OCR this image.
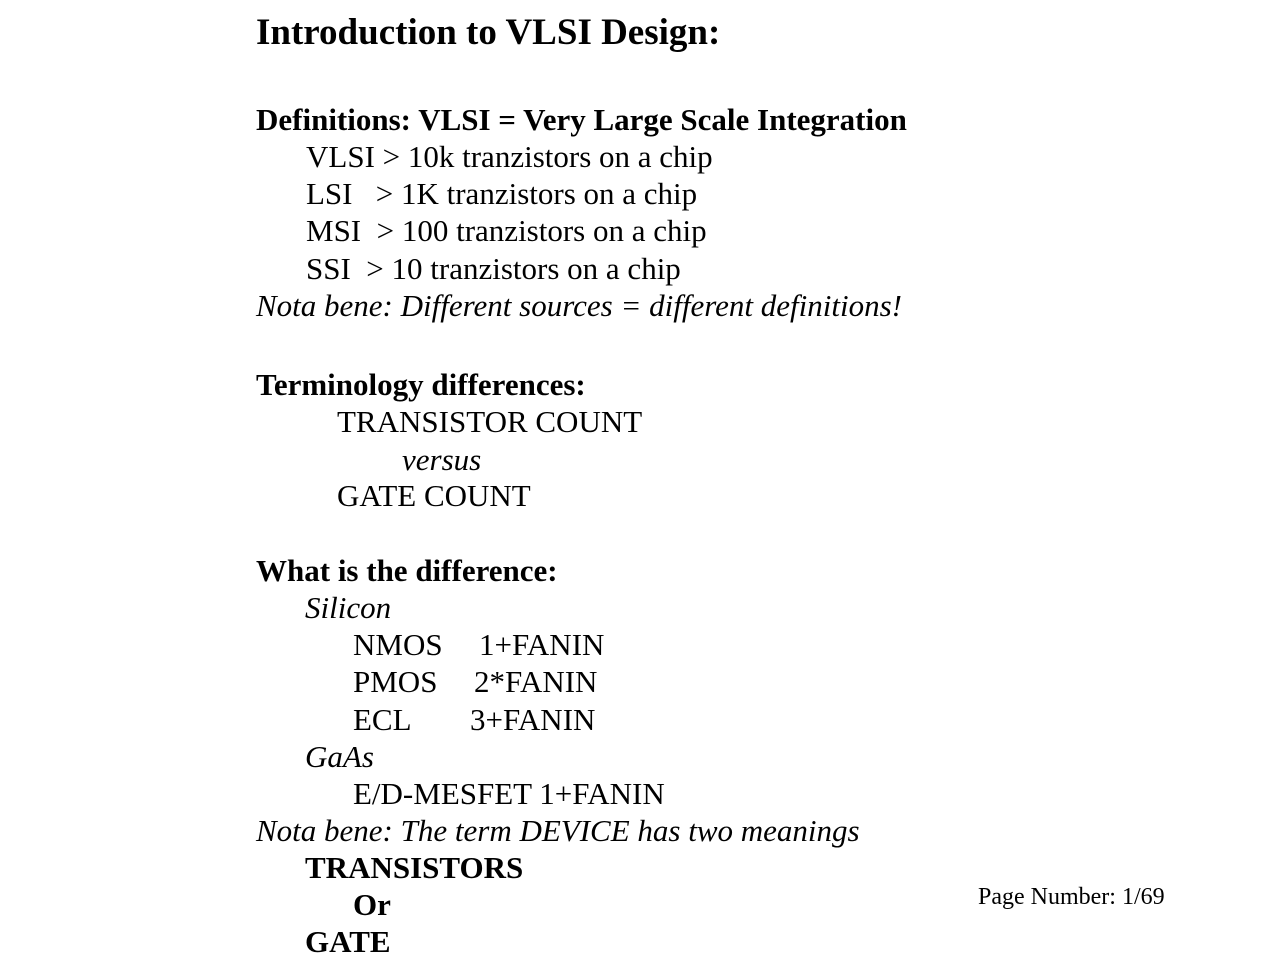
Introduction to VLSI Design:
Definitions: VLSI = Very Large Scale Integration
VLSI > 10k tranzistors on a chip
LSI   > 1K tranzistors on a chip
MSI  > 100 tranzistors on a chip
SSI  > 10 tranzistors on a chip
Nota bene: Different sources = different definitions!
Terminology differences:
TRANSISTOR COUNT
versus
GATE COUNT
What is the difference:
Silicon
NMOS 1+FANIN
PMOS 2*FANIN
ECL 3+FANIN
GaAs
E/D-MESFET 1+FANIN
Nota bene: The term DEVICE has two meanings
TRANSISTORS
Or
GATE
Page Number: 1/69
